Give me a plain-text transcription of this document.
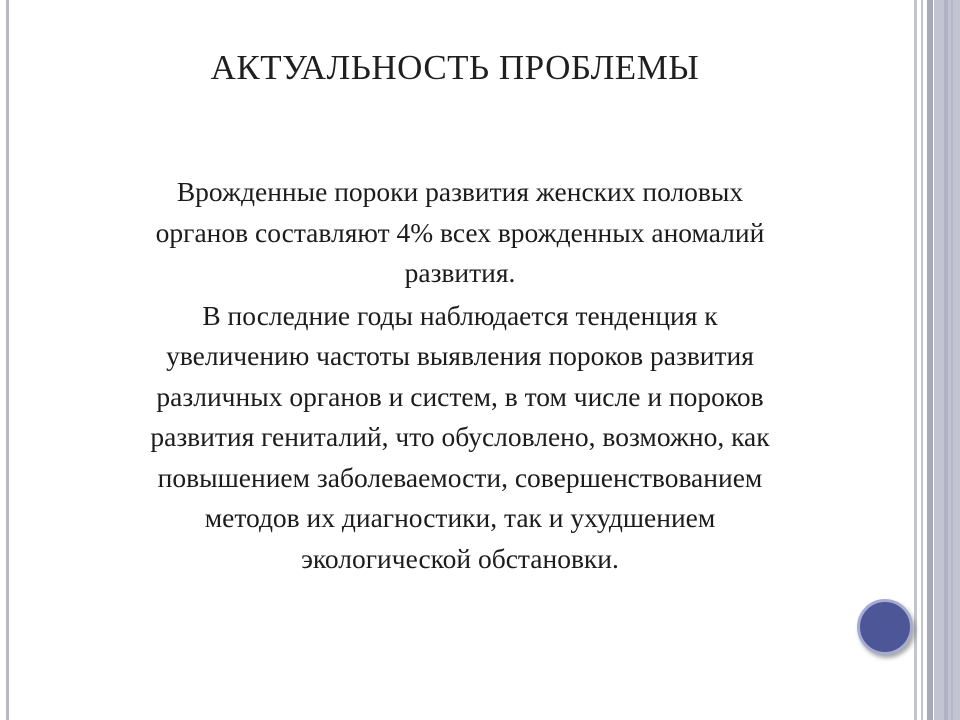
АКТУАЛЬНОСТЬ ПРОБЛЕМЫ

Врожденные пороки развития женских половых
органов составляют 4% всех врожденных аномалий
развития.

В последние годы наблюдается тенденция к
увеличению частоты выявления пороков развития
различных органов и систем, в том числе и пороков
развития гениталий, что обусловлено, возможно, как
повышением заболеваемости, совершенствованием
методов их диагностики, так и ухудшением
экологической обстановки.
